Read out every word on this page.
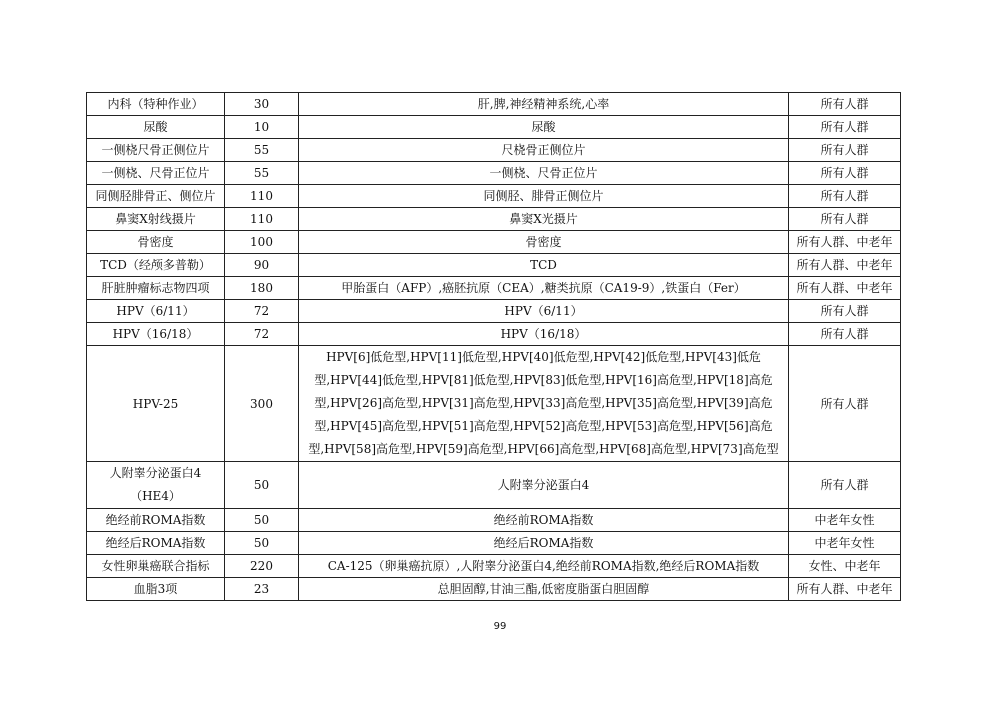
内科（特种作业）	30	肝,脾,神经精神系统,心率	所有人群
尿酸	10	尿酸	所有人群
一侧桡尺骨正侧位片	55	尺桡骨正侧位片	所有人群
一侧桡、尺骨正位片	55	一侧桡、尺骨正位片	所有人群
同侧胫腓骨正、侧位片	110	同侧胫、腓骨正侧位片	所有人群
鼻窦X射线摄片	110	鼻窦X光摄片	所有人群
骨密度	100	骨密度	所有人群、中老年
TCD（经颅多普勒）	90	TCD	所有人群、中老年
肝脏肿瘤标志物四项	180	甲胎蛋白（AFP）,癌胚抗原（CEA）,糖类抗原（CA19-9）,铁蛋白（Fer）	所有人群、中老年
HPV（6/11）	72	HPV（6/11）	所有人群
HPV（16/18）	72	HPV（16/18）	所有人群
HPV-25	300	HPV[6]低危型,HPV[11]低危型,HPV[40]低危型,HPV[42]低危型,HPV[43]低危型,HPV[44]低危型,HPV[81]低危型,HPV[83]低危型,HPV[16]高危型,HPV[18]高危型,HPV[26]高危型,HPV[31]高危型,HPV[33]高危型,HPV[35]高危型,HPV[39]高危型,HPV[45]高危型,HPV[51]高危型,HPV[52]高危型,HPV[53]高危型,HPV[56]高危型,HPV[58]高危型,HPV[59]高危型,HPV[66]高危型,HPV[68]高危型,HPV[73]高危型	所有人群
人附睾分泌蛋白4（HE4）	50	人附睾分泌蛋白4	所有人群
绝经前ROMA指数	50	绝经前ROMA指数	中老年女性
绝经后ROMA指数	50	绝经后ROMA指数	中老年女性
女性卵巢癌联合指标	220	CA-125（卵巢癌抗原）,人附睾分泌蛋白4,绝经前ROMA指数,绝经后ROMA指数	女性、中老年
血脂3项	23	总胆固醇,甘油三酯,低密度脂蛋白胆固醇	所有人群、中老年
99
